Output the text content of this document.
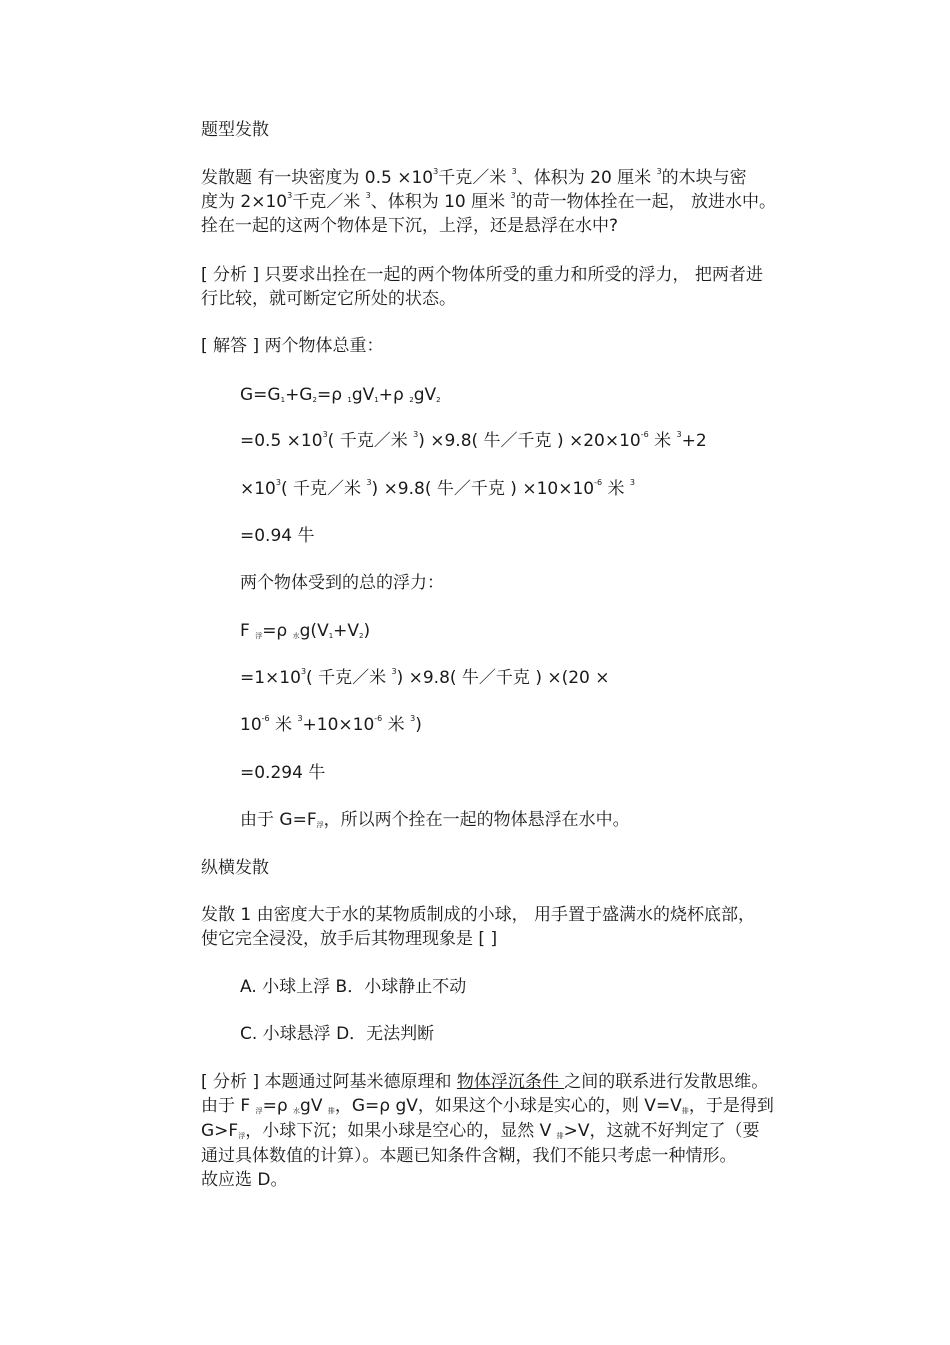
题型发散
发散题 有一块密度为 $0.5 \times 10^3$千克／米 $^3$、体积为 20 厘米 $^3$的木块与密
度为 $2\times 10^3$千克／米 $^3$、体积为 10 厘米 $^3$的苛一物体拴在一起， 放进水中。
拴在一起的这两个物体是下沉，上浮，还是悬浮在水中?
[ 分析 ] 只要求出拴在一起的两个物体所受的重力和所受的浮力， 把两者进
行比较，就可断定它所处的状态。
[ 解答 ] 两个物体总重：
$G=G_1+G_2=\rho$ $_1gV_1+\rho$ $_2gV_2$
$=0.5 \times 10^3$( 千克／米 $^3$) ×9.8( 牛／千克 ) $\times 20\times 10^{-6}$ 米 $^3$+2
$\times 10^3$( 千克／米 $^3$) ×9.8( 牛／千克 ) $\times 10\times 10^{-6}$ 米 $^3$
=0.94 牛
两个物体受到的总的浮力：
F $_浮$=ρ $_水g(V_1+V_2)$
$=1\times 10^3$( 千克／米 $^3$) ×9.8( 牛／千克 ) ×(20 ×
$10^{-6}$ 米 $^3+10\times 10^{-6}$ 米 $^3$)
=0.294 牛
由于 $G=F_浮$，所以两个拴在一起的物体悬浮在水中。
纵横发散
发散 1 由密度大于水的某物质制成的小球， 用手置于盛满水的烧杯底部，
使它完全浸没，放手后其物理现象是 [ ]
A. 小球上浮 B．小球静止不动
C. 小球悬浮 D．无法判断
[ 分析 ] 本题通过阿基米德原理和 物体浮沉条件 之间的联系进行发散思维。
由于 F $_浮$=ρ $_水$gV $_排$，G=ρ gV，如果这个小球是实心的，则 $V=V_排$，于是得到
$G>F_浮$，小球下沉；如果小球是空心的，显然 V $_排$>V，这就不好判定了（要
通过具体数值的计算）。本题已知条件含糊，我们不能只考虑一种情形。
故应选 D。
